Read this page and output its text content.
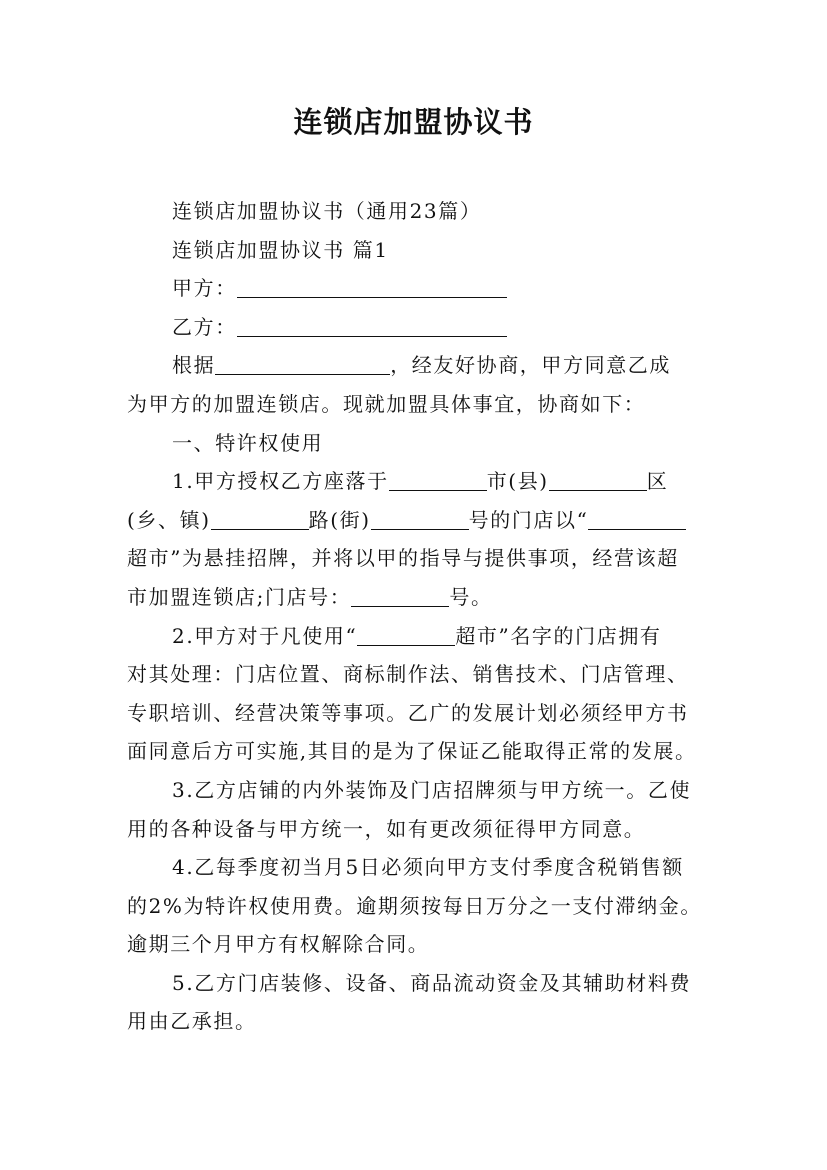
连锁店加盟协议书
连锁店加盟协议书（通用23篇）
连锁店加盟协议书 篇1
甲方：
乙方：
根据	，经友好协商，甲方同意乙成
为甲方的加盟连锁店。现就加盟具体事宜，协商如下：
一、特许权使用
1.甲方授权乙方座落于	市(县)	区
(乡、镇)	路(街)	号的门店以“
超市”为悬挂招牌，并将以甲的指导与提供事项，经营该超
市加盟连锁店;门店号：	号。
2.甲方对于凡使用“	超市”名字的门店拥有
对其处理：门店位置、商标制作法、销售技术、门店管理、
专职培训、经营决策等事项。乙广的发展计划必须经甲方书
面同意后方可实施,其目的是为了保证乙能取得正常的发展。
3.乙方店铺的内外装饰及门店招牌须与甲方统一。乙使
用的各种设备与甲方统一，如有更改须征得甲方同意。
4.乙每季度初当月5日必须向甲方支付季度含税销售额
的2%为特许权使用费。逾期须按每日万分之一支付滞纳金。
逾期三个月甲方有权解除合同。
5.乙方门店装修、设备、商品流动资金及其辅助材料费
用由乙承担。
